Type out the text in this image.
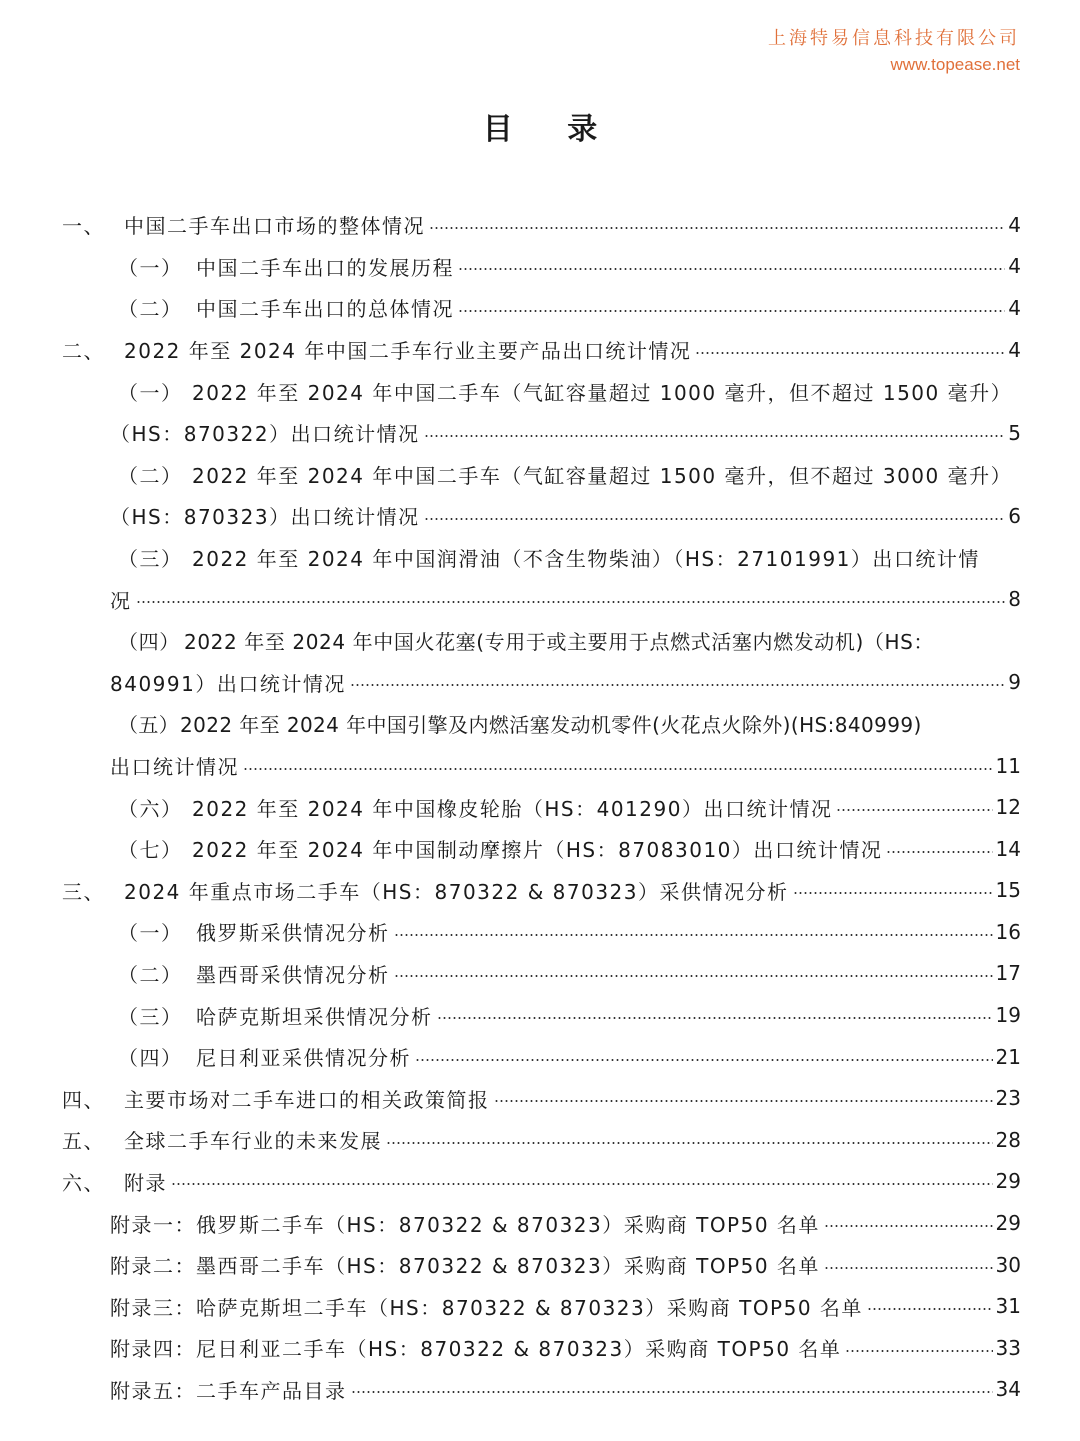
上海特易信息科技有限公司
www.topease.net
目 录
一、 中国二手车出口市场的整体情况	4
（一） 中国二手车出口的发展历程	4
（二） 中国二手车出口的总体情况	4
二、 2022 年至 2024 年中国二手车行业主要产品出口统计情况	4
（一） 2022 年至 2024 年中国二手车（气缸容量超过 1000 毫升，但不超过 1500 毫升）
（HS：870322）出口统计情况	5
（二） 2022 年至 2024 年中国二手车（气缸容量超过 1500 毫升，但不超过 3000 毫升）
（HS：870323）出口统计情况	6
（三） 2022 年至 2024 年中国润滑油（不含生物柴油）（HS：27101991）出口统计情
况	8
（四） 2022 年至 2024 年中国火花塞(专用于或主要用于点燃式活塞内燃发动机)（HS：
840991）出口统计情况	9
（五）2022 年至 2024 年中国引擎及内燃活塞发动机零件(火花点火除外)(HS:840999)
出口统计情况	11
（六） 2022 年至 2024 年中国橡皮轮胎（HS：401290）出口统计情况	12
（七） 2022 年至 2024 年中国制动摩擦片（HS：87083010）出口统计情况	14
三、 2024 年重点市场二手车（HS：870322 & 870323）采供情况分析	15
（一） 俄罗斯采供情况分析	16
（二） 墨西哥采供情况分析	17
（三） 哈萨克斯坦采供情况分析	19
（四） 尼日利亚采供情况分析	21
四、 主要市场对二手车进口的相关政策简报	23
五、 全球二手车行业的未来发展	28
六、 附录	29
附录一：俄罗斯二手车（HS：870322 & 870323）采购商 TOP50 名单	29
附录二：墨西哥二手车（HS：870322 & 870323）采购商 TOP50 名单	30
附录三：哈萨克斯坦二手车（HS：870322 & 870323）采购商 TOP50 名单	31
附录四：尼日利亚二手车（HS：870322 & 870323）采购商 TOP50 名单	33
附录五：二手车产品目录	34
